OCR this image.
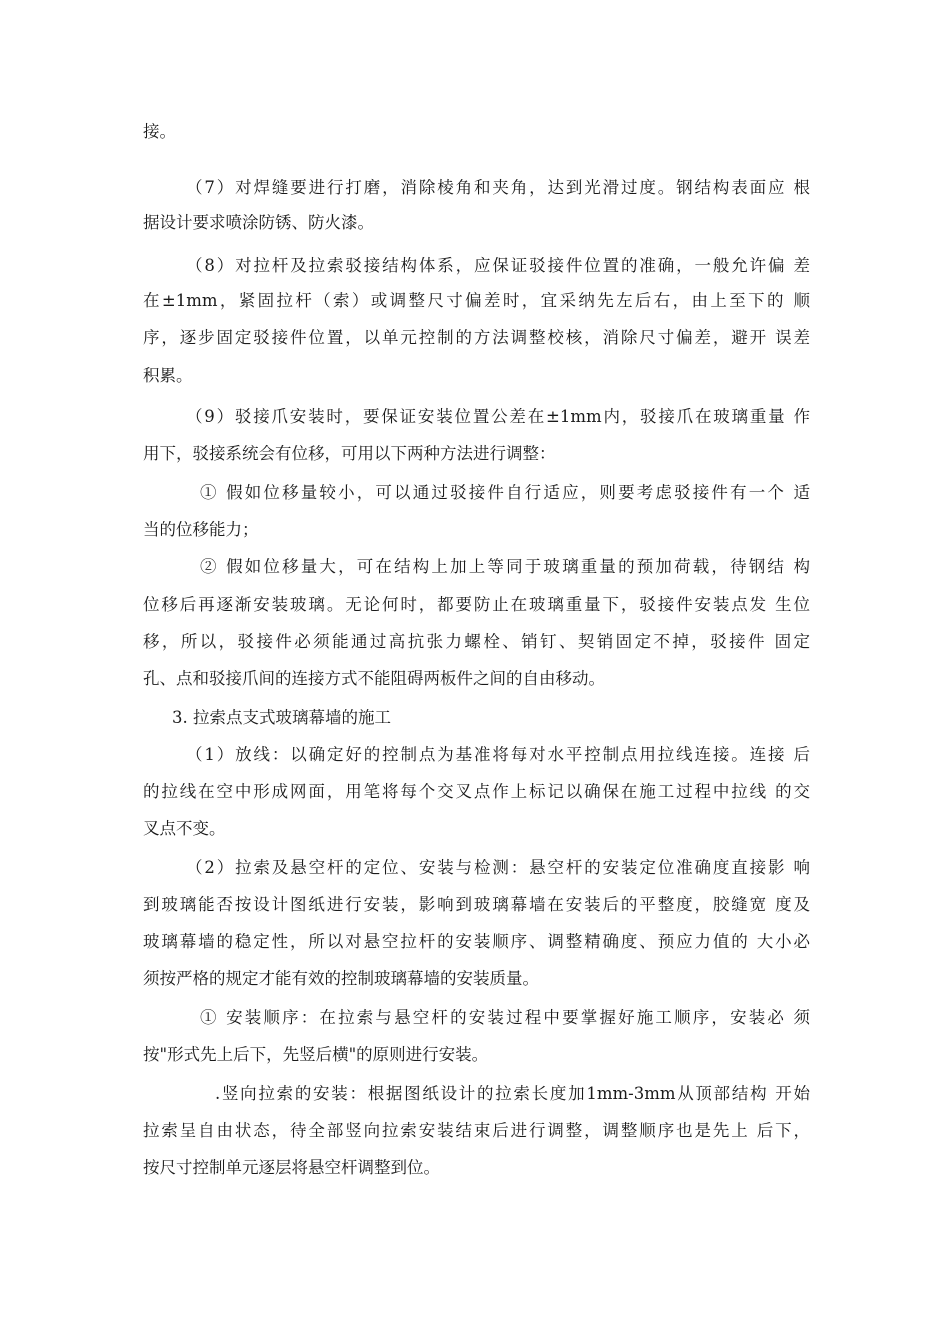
接。
（7）对焊缝要进行打磨，消除棱角和夹角，达到光滑过度。钢结构表面应 根
据设计要求喷涂防锈、防火漆。
（8）对拉杆及拉索驳接结构体系，应保证驳接件位置的准确，一般允许偏 差
在±1mm，紧固拉杆（索）或调整尺寸偏差时，宜采纳先左后右，由上至下的 顺
序，逐步固定驳接件位置，以单元控制的方法调整校核，消除尺寸偏差，避开 误差
积累。
（9）驳接爪安装时，要保证安装位置公差在±1mm内，驳接爪在玻璃重量 作
用下，驳接系统会有位移，可用以下两种方法进行调整：
① 假如位移量较小，可以通过驳接件自行适应，则要考虑驳接件有一个 适
当的位移能力；
② 假如位移量大，可在结构上加上等同于玻璃重量的预加荷载，待钢结 构
位移后再逐渐安装玻璃。无论何时，都要防止在玻璃重量下，驳接件安装点发 生位
移，所以，驳接件必须能通过高抗张力螺栓、销钉、契销固定不掉，驳接件 固定
孔、点和驳接爪间的连接方式不能阻碍两板件之间的自由移动。
3. 拉索点支式玻璃幕墙的施工
（1）放线：以确定好的控制点为基准将每对水平控制点用拉线连接。连接 后
的拉线在空中形成网面，用笔将每个交叉点作上标记以确保在施工过程中拉线 的交
叉点不变。
（2）拉索及悬空杆的定位、安装与检测：悬空杆的安装定位准确度直接影 响
到玻璃能否按设计图纸进行安装，影响到玻璃幕墙在安装后的平整度，胶缝宽 度及
玻璃幕墙的稳定性，所以对悬空拉杆的安装顺序、调整精确度、预应力值的 大小必
须按严格的规定才能有效的控制玻璃幕墙的安装质量。
① 安装顺序：在拉索与悬空杆的安装过程中要掌握好施工顺序，安装必 须
按"形式先上后下，先竖后横"的原则进行安装。
.竖向拉索的安装：根据图纸设计的拉索长度加1mm-3mm从顶部结构 开始
拉索呈自由状态，待全部竖向拉索安装结束后进行调整，调整顺序也是先上 后下，
按尺寸控制单元逐层将悬空杆调整到位。
